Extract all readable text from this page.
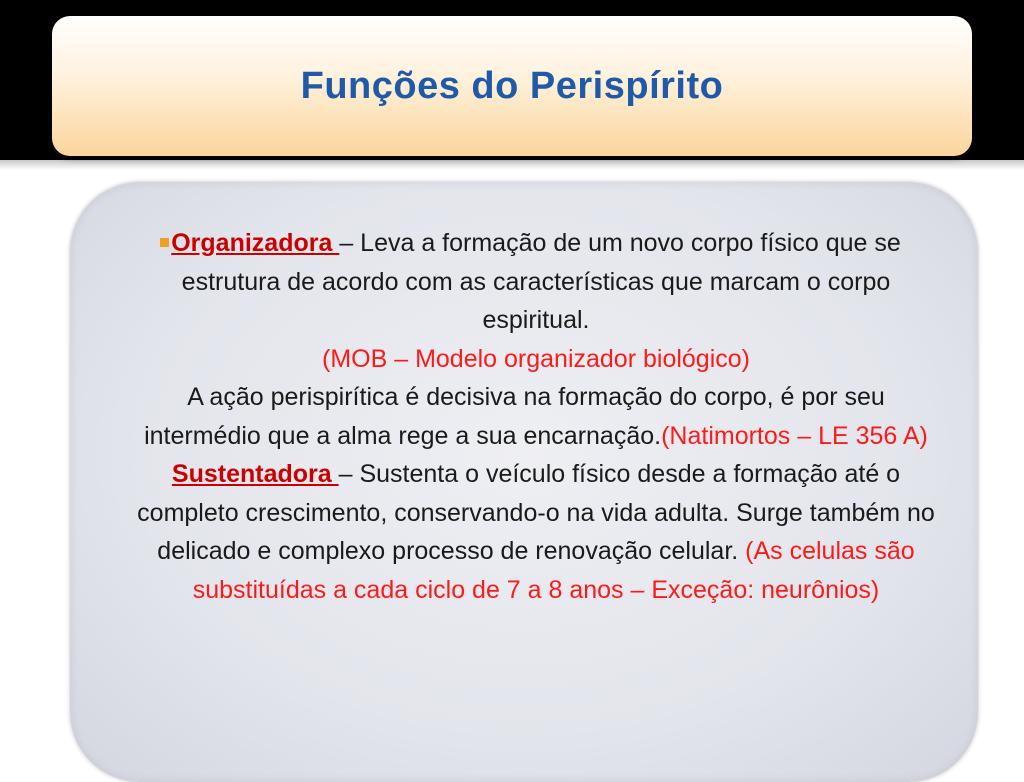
Funções do Perispírito

Organizadora – Leva a formação de um novo corpo físico que se estrutura de acordo com as características que marcam o corpo espiritual.
(MOB – Modelo organizador biológico)

A ação perispirítica é decisiva na formação do corpo, é por seu intermédio que a alma rege a sua encarnação.(Natimortos – LE 356 A)

Sustentadora – Sustenta o veículo físico desde a formação até o completo crescimento, conservando-o na vida adulta. Surge também no delicado e complexo processo de renovação celular. (As celulas são substituídas a cada ciclo de 7 a 8 anos – Exceção: neurônios)
